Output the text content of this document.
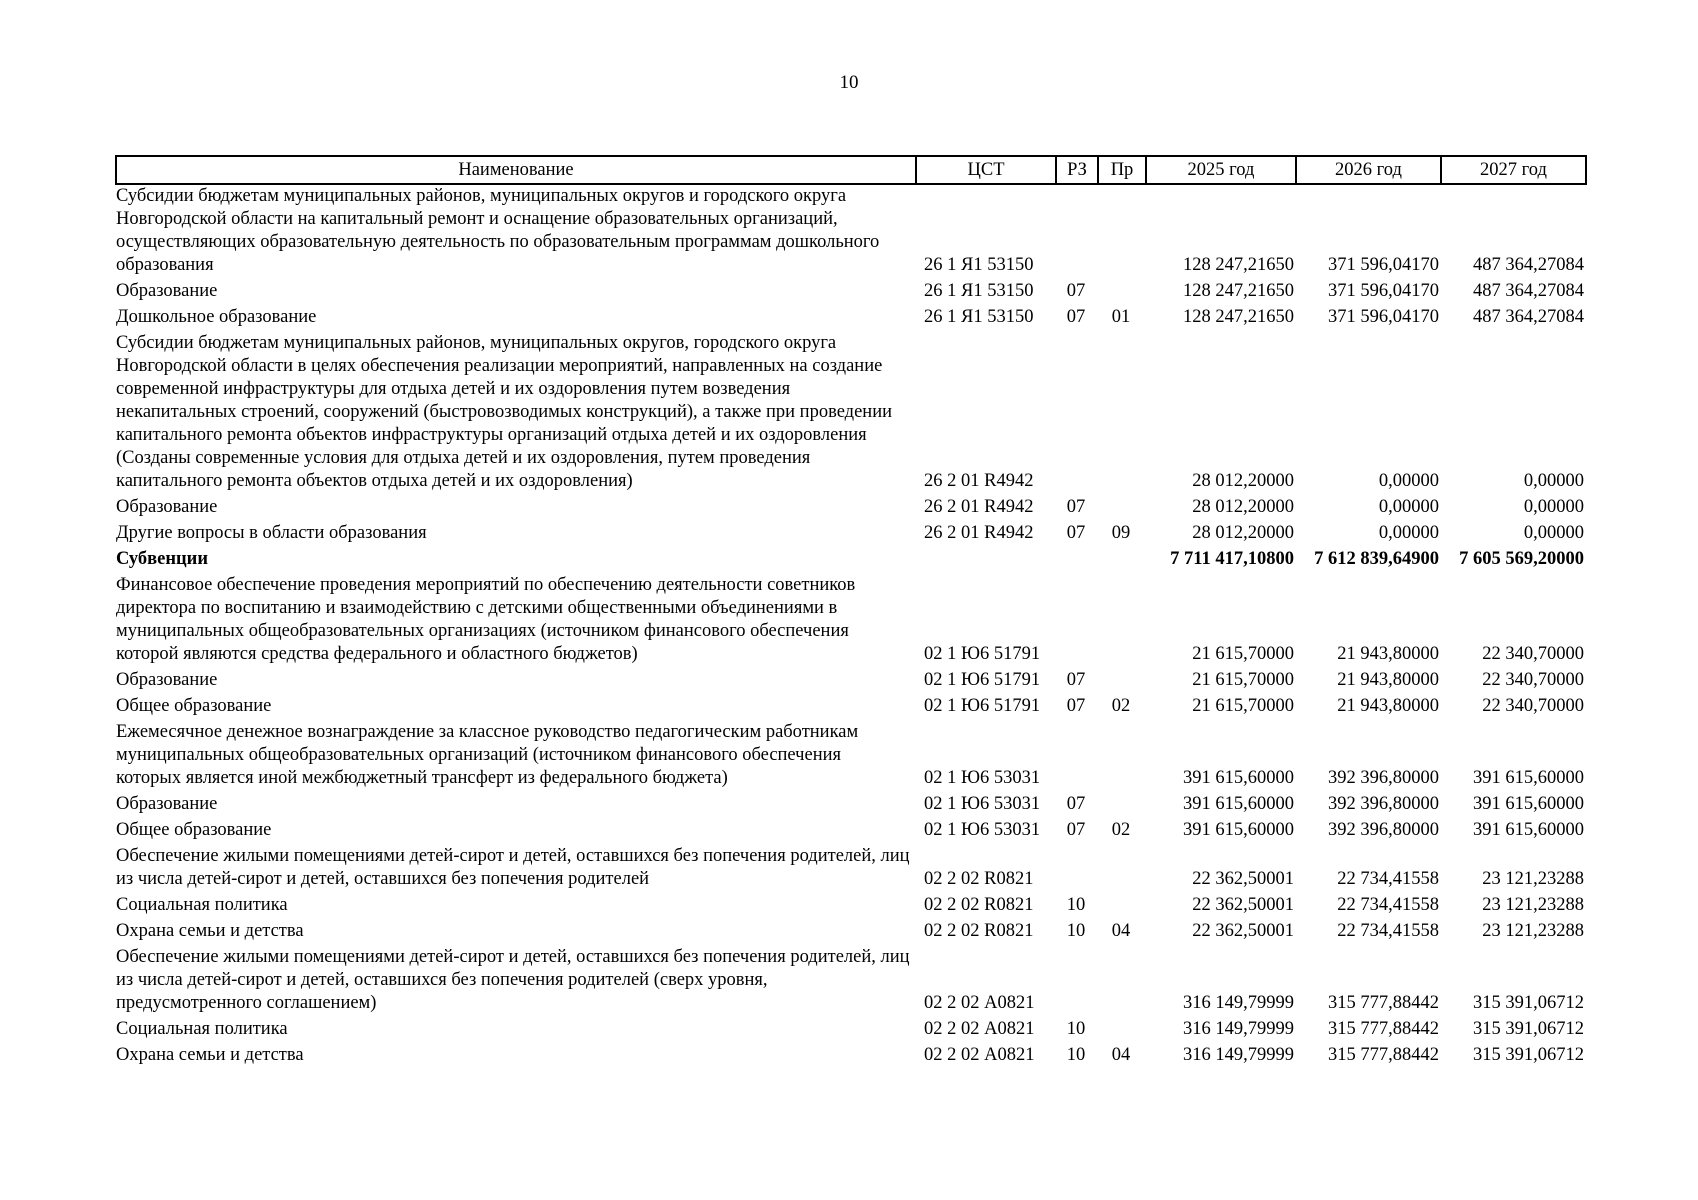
10
Наименование	ЦСТ	РЗ	Пр	2025 год	2026 год	2027 год
Субсидии бюджетам муниципальных районов, муниципальных округов и городского округа Новгородской области на капитальный ремонт и оснащение образовательных организаций, осуществляющих образовательную деятельность по образовательным программам дошкольного образования	26 1 Я1 53150			128 247,21650	371 596,04170	487 364,27084
Образование	26 1 Я1 53150	07		128 247,21650	371 596,04170	487 364,27084
Дошкольное образование	26 1 Я1 53150	07	01	128 247,21650	371 596,04170	487 364,27084
Субсидии бюджетам муниципальных районов, муниципальных округов, городского округа Новгородской области в целях обеспечения реализации мероприятий, направленных на создание современной инфраструктуры для отдыха детей и их оздоровления путем возведения некапитальных строений, сооружений (быстровозводимых конструкций), а также при проведении капитального ремонта объектов инфраструктуры организаций отдыха детей и их оздоровления (Созданы современные условия для отдыха детей и их оздоровления, путем проведения капитального ремонта объектов отдыха детей и их оздоровления)	26 2 01 R4942			28 012,20000	0,00000	0,00000
Образование	26 2 01 R4942	07		28 012,20000	0,00000	0,00000
Другие вопросы в области образования	26 2 01 R4942	07	09	28 012,20000	0,00000	0,00000
Субвенции				7 711 417,10800	7 612 839,64900	7 605 569,20000
Финансовое обеспечение проведения мероприятий по обеспечению деятельности советников директора по воспитанию и взаимодействию с детскими общественными объединениями в муниципальных общеобразовательных организациях (источником финансового обеспечения которой являются средства федерального и областного бюджетов)	02 1 Ю6 51791			21 615,70000	21 943,80000	22 340,70000
Образование	02 1 Ю6 51791	07		21 615,70000	21 943,80000	22 340,70000
Общее образование	02 1 Ю6 51791	07	02	21 615,70000	21 943,80000	22 340,70000
Ежемесячное денежное вознаграждение за классное руководство педагогическим работникам муниципальных общеобразовательных организаций (источником финансового обеспечения которых является иной межбюджетный трансферт из федерального бюджета)	02 1 Ю6 53031			391 615,60000	392 396,80000	391 615,60000
Образование	02 1 Ю6 53031	07		391 615,60000	392 396,80000	391 615,60000
Общее образование	02 1 Ю6 53031	07	02	391 615,60000	392 396,80000	391 615,60000
Обеспечение жилыми помещениями детей-сирот и детей, оставшихся без попечения родителей, лиц из числа детей-сирот и детей, оставшихся без попечения родителей	02 2 02 R0821			22 362,50001	22 734,41558	23 121,23288
Социальная политика	02 2 02 R0821	10		22 362,50001	22 734,41558	23 121,23288
Охрана семьи и детства	02 2 02 R0821	10	04	22 362,50001	22 734,41558	23 121,23288
Обеспечение жилыми помещениями детей-сирот и детей, оставшихся без попечения родителей, лиц из числа детей-сирот и детей, оставшихся без попечения родителей (сверх уровня, предусмотренного соглашением)	02 2 02 А0821			316 149,79999	315 777,88442	315 391,06712
Социальная политика	02 2 02 А0821	10		316 149,79999	315 777,88442	315 391,06712
Охрана семьи и детства	02 2 02 А0821	10	04	316 149,79999	315 777,88442	315 391,06712
